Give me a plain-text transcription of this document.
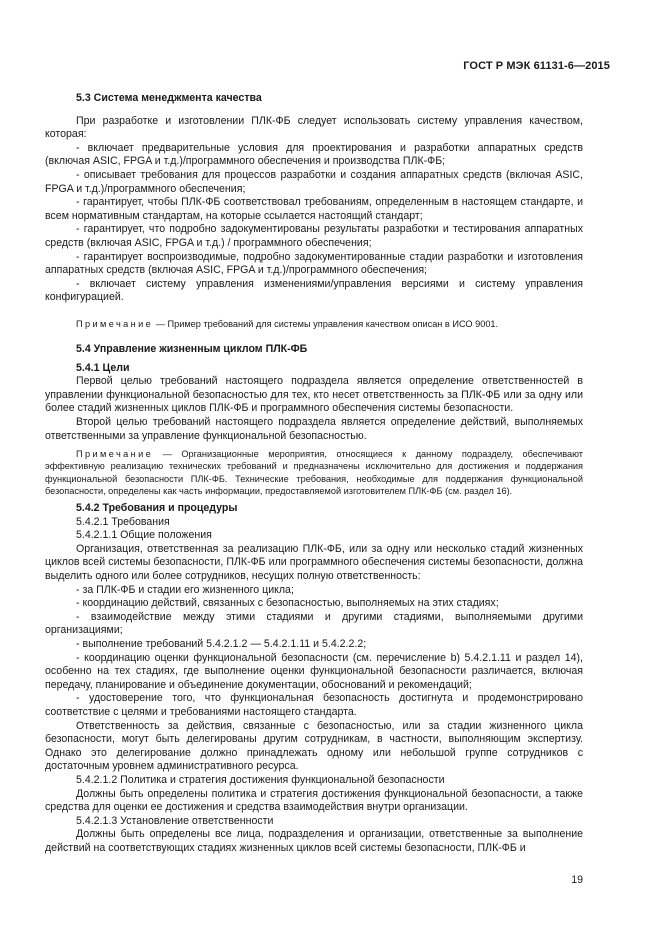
ГОСТ Р МЭК 61131-6—2015

5.3 Система менеджмента качества

При разработке и изготовлении ПЛК-ФБ следует использовать систему управления качеством, которая:

- включает предварительные условия для проектирования и разработки аппаратных средств (включая ASIC, FPGA и т.д.)/программного обеспечения и производства ПЛК-ФБ;

- описывает требования для процессов разработки и создания аппаратных средств (включая ASIC, FPGA и т.д.)/программного обеспечения;

- гарантирует, чтобы ПЛК-ФБ соответствовал требованиям, определенным в настоящем стандарте, и всем нормативным стандартам, на которые ссылается настоящий стандарт;

- гарантирует, что подробно задокументированы результаты разработки и тестирования аппаратных средств (включая ASIC, FPGA и т.д.) / программного обеспечения;

- гарантирует воспроизводимые, подробно задокументированные стадии разработки и изготовления аппаратных средств (включая ASIC, FPGA и т.д.)/программного обеспечения;

- включает систему управления изменениями/управления версиями и систему управления конфигурацией.

Примечание — Пример требований для системы управления качеством описан в ИСО 9001.

5.4 Управление жизненным циклом ПЛК-ФБ

5.4.1 Цели

Первой целью требований настоящего подраздела является определение ответственностей в управлении функциональной безопасностью для тех, кто несет ответственность за ПЛК-ФБ или за одну или более стадий жизненных циклов ПЛК-ФБ и программного обеспечения системы безопасности.

Второй целью требований настоящего подраздела является определение действий, выполняемых ответственными за управление функциональной безопасностью.

Примечание — Организационные мероприятия, относящиеся к данному подразделу, обеспечивают эффективную реализацию технических требований и предназначены исключительно для достижения и поддержания функциональной безопасности ПЛК-ФБ. Технические требования, необходимые для поддержания функциональной безопасности, определены как часть информации, предоставляемой изготовителем ПЛК-ФБ (см. раздел 16).

5.4.2 Требования и процедуры

5.4.2.1 Требования

5.4.2.1.1 Общие положения

Организация, ответственная за реализацию ПЛК-ФБ, или за одну или несколько стадий жизненных циклов всей системы безопасности, ПЛК-ФБ или программного обеспечения системы безопасности, должна выделить одного или более сотрудников, несущих полную ответственность:

- за ПЛК-ФБ и стадии его жизненного цикла;

- координацию действий, связанных с безопасностью, выполняемых на этих стадиях;

- взаимодействие между этими стадиями и другими стадиями, выполняемыми другими организациями;

- выполнение требований 5.4.2.1.2 — 5.4.2.1.11 и 5.4.2.2.2;

- координацию оценки функциональной безопасности (см. перечисление b) 5.4.2.1.11 и раздел 14), особенно на тех стадиях, где выполнение оценки функциональной безопасности различается, включая передачу, планирование и объединение документации, обоснований и рекомендаций;

- удостоверение того, что функциональная безопасность достигнута и продемонстрировано соответствие с целями и требованиями настоящего стандарта.

Ответственность за действия, связанные с безопасностью, или за стадии жизненного цикла безопасности, могут быть делегированы другим сотрудникам, в частности, выполняющим экспертизу. Однако это делегирование должно принадлежать одному или небольшой группе сотрудников с достаточным уровнем административного ресурса.

5.4.2.1.2 Политика и стратегия достижения функциональной безопасности

Должны быть определены политика и стратегия достижения функциональной безопасности, а также средства для оценки ее достижения и средства взаимодействия внутри организации.

5.4.2.1.3 Установление ответственности

Должны быть определены все лица, подразделения и организации, ответственные за выполнение действий на соответствующих стадиях жизненных циклов всей системы безопасности, ПЛК-ФБ и

19
